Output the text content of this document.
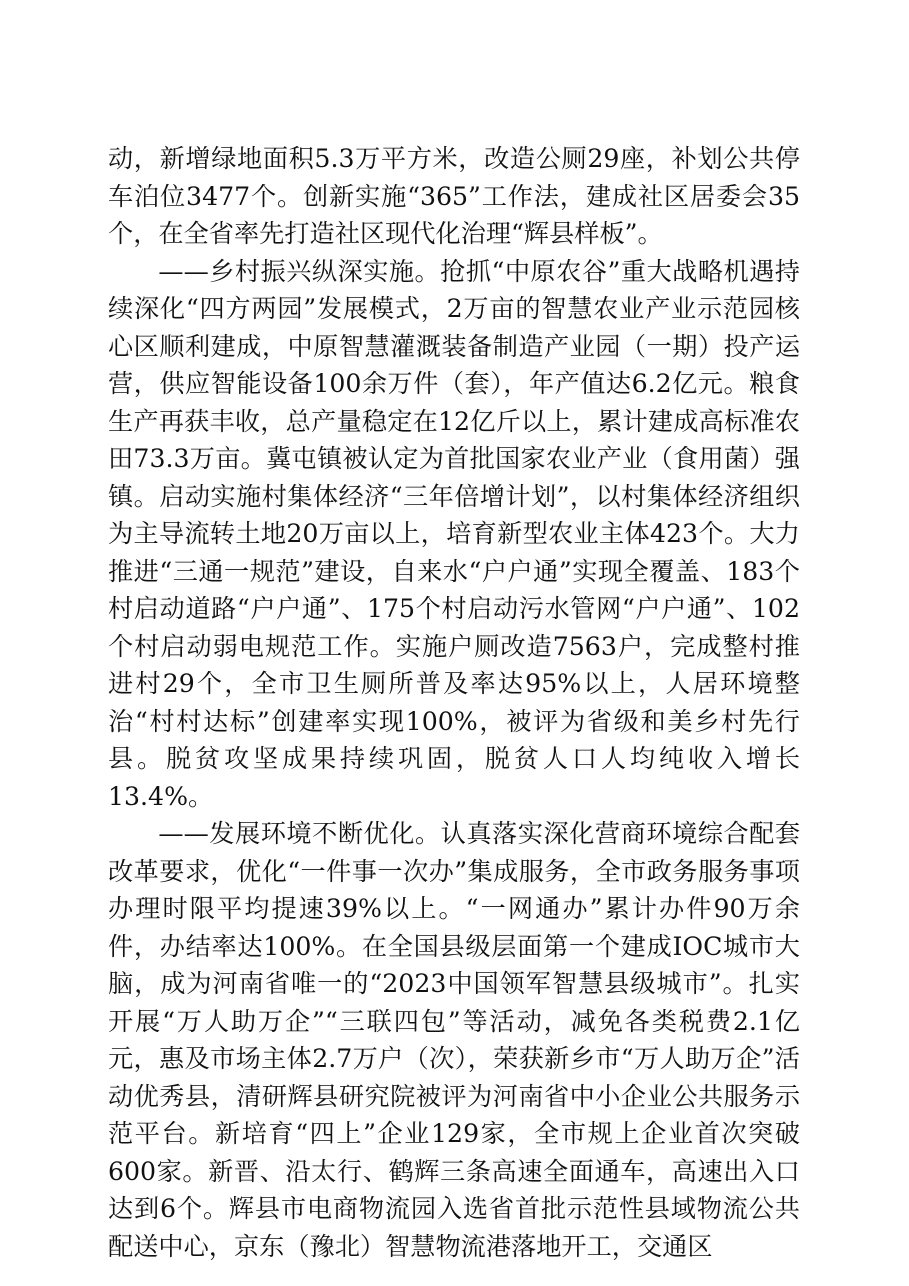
动，新增绿地面积5.3万平方米，改造公厕29座，补划公共停车泊位3477个。创新实施“365”工作法，建成社区居委会35个，在全省率先打造社区现代化治理“辉县样板”。

——乡村振兴纵深实施。抢抓“中原农谷”重大战略机遇持续深化“四方两园”发展模式，2万亩的智慧农业产业示范园核心区顺利建成，中原智慧灌溉装备制造产业园（一期）投产运营，供应智能设备100余万件（套），年产值达6.2亿元。粮食生产再获丰收，总产量稳定在12亿斤以上，累计建成高标准农田73.3万亩。冀屯镇被认定为首批国家农业产业（食用菌）强镇。启动实施村集体经济“三年倍增计划”，以村集体经济组织为主导流转土地20万亩以上，培育新型农业主体423个。大力推进“三通一规范”建设，自来水“户户通”实现全覆盖、183个村启动道路“户户通”、175个村启动污水管网“户户通”、102个村启动弱电规范工作。实施户厕改造7563户，完成整村推进村29个，全市卫生厕所普及率达95%以上，人居环境整治“村村达标”创建率实现100%，被评为省级和美乡村先行县。脱贫攻坚成果持续巩固，脱贫人口人均纯收入增长13.4%。

——发展环境不断优化。认真落实深化营商环境综合配套改革要求，优化“一件事一次办”集成服务，全市政务服务事项办理时限平均提速39%以上。“一网通办”累计办件90万余件，办结率达100%。在全国县级层面第一个建成IOC城市大脑，成为河南省唯一的“2023中国领军智慧县级城市”。扎实开展“万人助万企”“三联四包”等活动，减免各类税费2.1亿元，惠及市场主体2.7万户（次），荣获新乡市“万人助万企”活动优秀县，清研辉县研究院被评为河南省中小企业公共服务示范平台。新培育“四上”企业129家，全市规上企业首次突破600家。新晋、沿太行、鹤辉三条高速全面通车，高速出入口达到6个。辉县市电商物流园入选省首批示范性县域物流公共配送中心，京东（豫北）智慧物流港落地开工，交通区
